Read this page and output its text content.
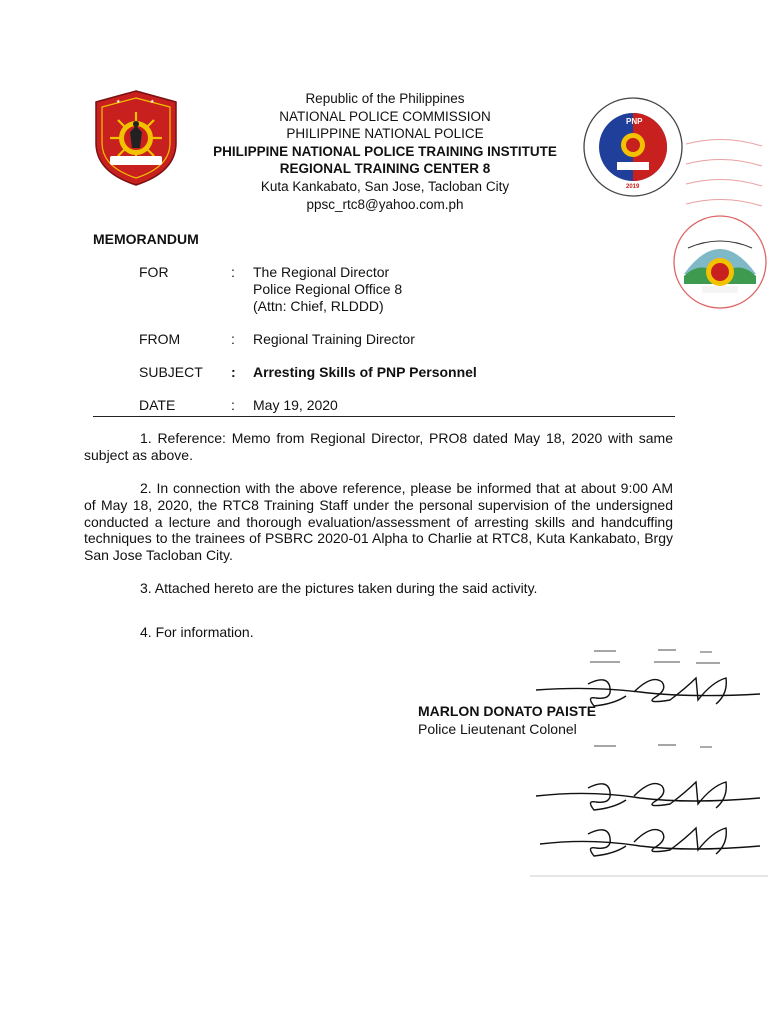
★	★
PNP
2019
Republic of the Philippines
NATIONAL POLICE COMMISSION
PHILIPPINE NATIONAL POLICE
PHILIPPINE NATIONAL POLICE TRAINING INSTITUTE
REGIONAL TRAINING CENTER 8
Kuta Kankabato, San Jose, Tacloban City
ppsc_rtc8@yahoo.com.ph
MEMORANDUM
FOR	: The Regional Director
Police Regional Office 8
(Attn: Chief, RLDDD)
FROM	: Regional Training Director
SUBJECT	: Arresting Skills of PNP Personnel
DATE	: May 19, 2020
1. Reference: Memo from Regional Director, PRO8 dated May 18, 2020 with same subject as above.
2. In connection with the above reference, please be informed that at about 9:00 AM of May 18, 2020, the RTC8 Training Staff under the personal supervision of the undersigned conducted a lecture and thorough evaluation/assessment of arresting skills and handcuffing techniques to the trainees of PSBRC 2020-01 Alpha to Charlie at RTC8, Kuta Kankabato, Brgy San Jose Tacloban City.
3. Attached hereto are the pictures taken during the said activity.
4. For information.
MARLON DONATO PAISTE
Police Lieutenant Colonel
